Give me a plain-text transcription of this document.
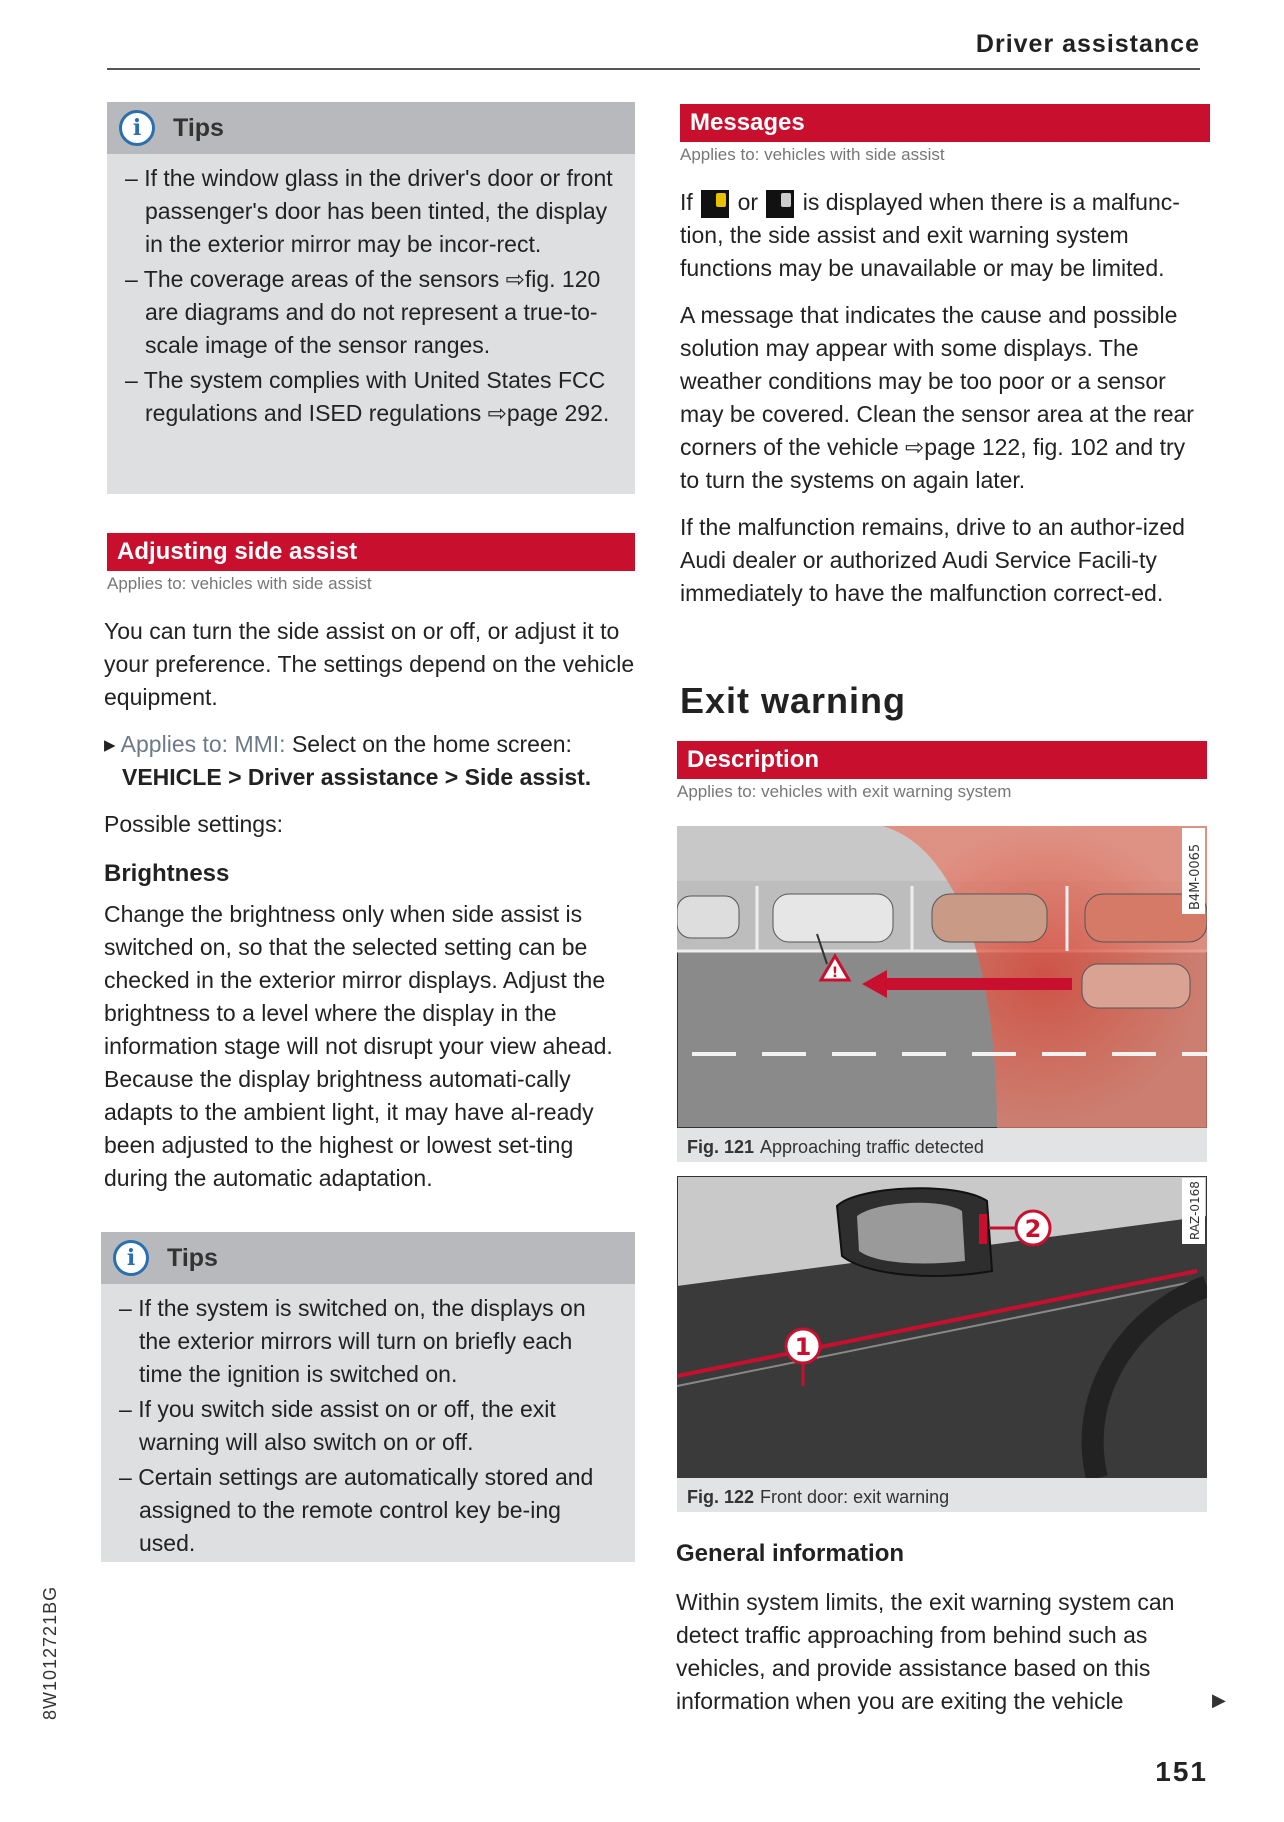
Driver assistance
i	Tips
– If the window glass in the driver's door or front passenger's door has been tinted, the display in the exterior mirror may be incor-rect.
– The coverage areas of the sensors ⇨fig. 120 are diagrams and do not represent a true-to-scale image of the sensor ranges.
– The system complies with United States FCC regulations and ISED regulations ⇨page 292.
Adjusting side assist
Applies to: vehicles with side assist

You can turn the side assist on or off, or adjust it to your preference. The settings depend on the vehicle equipment.

▸ Applies to: MMI: Select on the home screen:
VEHICLE > Driver assistance > Side assist.

Possible settings:

Brightness

Change the brightness only when side assist is switched on, so that the selected setting can be checked in the exterior mirror displays. Adjust the brightness to a level where the display in the information stage will not disrupt your view ahead. Because the display brightness automati-cally adapts to the ambient light, it may have al-ready been adjusted to the highest or lowest set-ting during the automatic adaptation.

i	Tips
– If the system is switched on, the displays on the exterior mirrors will turn on briefly each time the ignition is switched on.
– If you switch side assist on or off, the exit warning will also switch on or off.
– Certain settings are automatically stored and assigned to the remote control key be-ing used.
Messages
Applies to: vehicles with side assist

If or is displayed when there is a malfunc-tion, the side assist and exit warning system functions may be unavailable or may be limited.

A message that indicates the cause and possible solution may appear with some displays. The weather conditions may be too poor or a sensor may be covered. Clean the sensor area at the rear corners of the vehicle ⇨page 122, fig. 102 and try to turn the systems on again later.

If the malfunction remains, drive to an author-ized Audi dealer or authorized Audi Service Facili-ty immediately to have the malfunction correct-ed.

Exit warning
Description
Applies to: vehicles with exit warning system
!
B4M-0065
Fig. 121 Approaching traffic detected
2
1
RAZ-0168
Fig. 122 Front door: exit warning
General information

Within system limits, the exit warning system can detect traffic approaching from behind such as vehicles, and provide assistance based on this information when you are exiting the vehicle	▶
8W1012721BG
151
